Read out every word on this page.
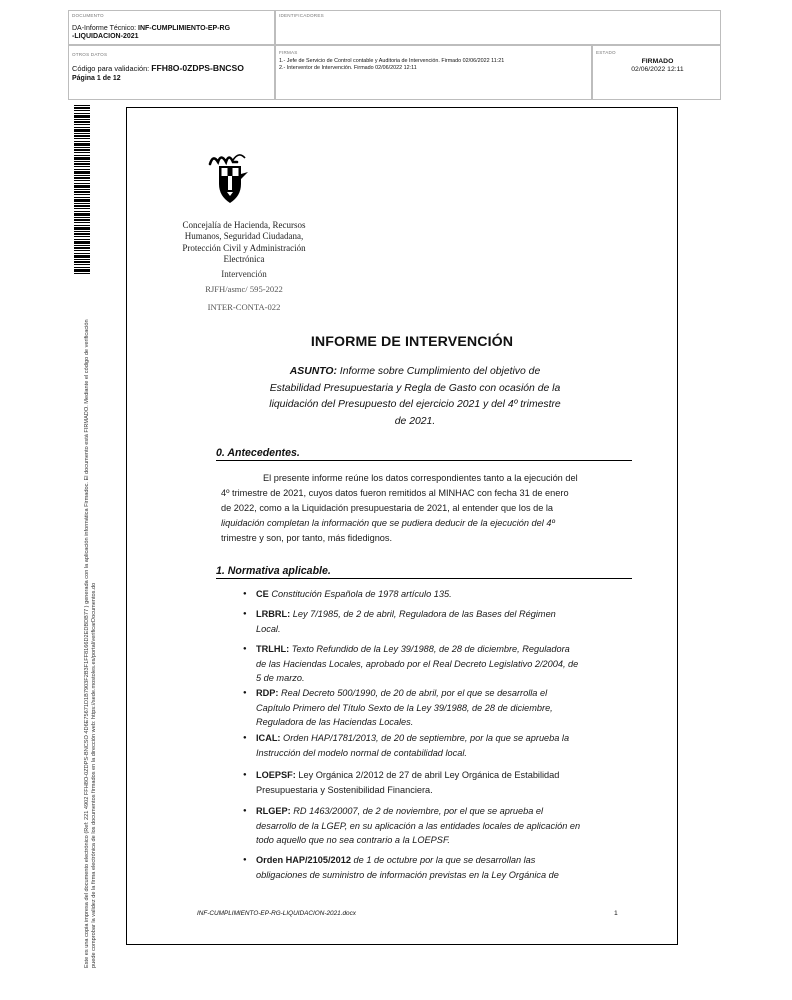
DOCUMENTO
DA-Informe Técnico: INF-CUMPLIMIENTO-EP-RG
-LIQUIDACION-2021
IDENTIFICADORES
OTROS DATOS
Código para validación: FFH8O-0ZDPS-BNCSO
Página 1 de 12
FIRMAS
1.- Jefe de Servicio de Control contable y Auditoria de Intervención. Firmado 02/06/2022 11:21
2.- Interventor de Intervención. Firmado 02/06/2022 12:11
ESTADO
FIRMADO
02/06/2022 12:11
Este es una copia impresa del documento electrónico (Ref: 221 4902 FFH8O-0ZDPS-BNCSO 4D6E75671D1B7903F2B3F1FF8166D2EDBDB77 ) generada con la aplicación informática Firmadoc. El documento está FIRMADO. Mediante el código de verificación puede comprobar la validez de la firma electrónica de los documentos firmados en la dirección web: https://sede.mostoles.es/portal/verificarDocumentos.do
Concejalía de Hacienda, Recursos
Humanos, Seguridad Ciudadana,
Protección Civil y Administración
Electrónica
Intervención
RJFH/asmc/ 595-2022
INTER-CONTA-022
INFORME DE INTERVENCIÓN
ASUNTO: Informe sobre Cumplimiento del objetivo de
Estabilidad Presupuestaria y Regla de Gasto con ocasión de la
liquidación del Presupuesto del ejercicio 2021 y del 4º trimestre
de 2021.
0. Antecedentes.
El presente informe reúne los datos correspondientes tanto a la ejecución del
4º trimestre de 2021, cuyos datos fueron remitidos al MINHAC con fecha 31 de enero
de 2022, como a la Liquidación presupuestaria de 2021, al entender que los de la
liquidación completan la información que se pudiera deducir de la ejecución del 4º
trimestre y son, por tanto, más fidedignos.
1. Normativa aplicable.
● CE Constitución Española de 1978 artículo 135.
● LRBRL: Ley 7/1985, de 2 de abril, Reguladora de las Bases del Régimen
Local.
● TRLHL: Texto Refundido de la Ley 39/1988, de 28 de diciembre, Reguladora
de las Haciendas Locales, aprobado por el Real Decreto Legislativo 2/2004, de
5 de marzo.
● RDP: Real Decreto 500/1990, de 20 de abril, por el que se desarrolla el
Capítulo Primero del Título Sexto de la Ley 39/1988, de 28 de diciembre,
Reguladora de las Haciendas Locales.
● ICAL: Orden HAP/1781/2013, de 20 de septiembre, por la que se aprueba la
Instrucción del modelo normal de contabilidad local.
● LOEPSF: Ley Orgánica 2/2012 de 27 de abril Ley Orgánica de Estabilidad
Presupuestaria y Sostenibilidad Financiera.
● RLGEP: RD 1463/20007, de 2 de noviembre, por el que se aprueba el
desarrollo de la LGEP, en su aplicación a las entidades locales de aplicación en
todo aquello que no sea contrario a la LOEPSF.
● Orden HAP/2105/2012 de 1 de octubre por la que se desarrollan las
obligaciones de suministro de información previstas en la Ley Orgánica de
INF-CUMPLIMIENTO-EP-RG-LIQUIDACION-2021.docx	1
